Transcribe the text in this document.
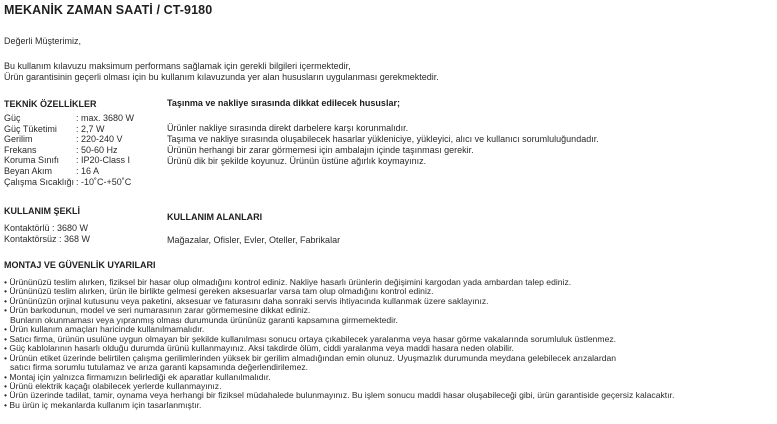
MEKANİK ZAMAN SAATİ / CT-9180
Değerli Müşterimiz,
Bu kullanım kılavuzu maksimum performans sağlamak için gerekli bilgileri içermektedir,
Ürün garantisinin geçerli olması için bu kullanım kılavuzunda yer alan hususların uygulanması gerekmektedir.
TEKNİK ÖZELLİKLER
Güç	: max. 3680 W
Güç Tüketimi	: 2,7 W
Gerilim	: 220-240 V
Frekans	: 50-60 Hz
Koruma Sınıfı	: IP20-Class I
Beyan Akım	: 16 A
Çalışma Sıcaklığı : -10˚C-+50˚C
KULLANIM ŞEKLİ
Kontaktörlü : 3680 W
Kontaktörsüz : 368 W
Taşınma ve nakliye sırasında dikkat edilecek hususlar;
Ürünler nakliye sırasında direkt darbelere karşı korunmalıdır.
Taşıma ve nakliye sırasında oluşabilecek hasarlar yükleniciye, yükleyici, alıcı ve kullanıcı sorumluluğundadır.
Ürünün herhangi bir zarar görmemesi için ambalajın içinde taşınması gerekir.
Ürünü dik bir şekilde koyunuz. Ürünün üstüne ağırlık koymayınız.
KULLANIM ALANLARI
Mağazalar, Ofisler, Evler, Oteller, Fabrikalar
MONTAJ VE GÜVENLİK UYARILARI
• Ürününüzü teslim alırken, fiziksel bir hasar olup olmadığını kontrol ediniz. Nakliye hasarlı ürünlerin değişimini kargodan yada ambardan talep ediniz.
• Ürününüzü teslim alırken, ürün ile birlikte gelmesi gereken aksesuarlar varsa tam olup olmadığını kontrol ediniz.
• Ürününüzün orjinal kutusunu veya paketini, aksesuar ve faturasını daha sonraki servis ihtiyacında kullanmak üzere saklayınız.
• Ürün barkodunun, model ve seri numarasının zarar görmemesine dikkat ediniz.
Bunların okunmaması veya yıpranmış olması durumunda ürününüz garanti kapsamına girmemektedir.
• Ürün kullanım amaçları haricinde kullanılmamalıdır.
• Satıcı firma, ürünün usulüne uygun olmayan bir şekilde kullanılması sonucu ortaya çıkabilecek yaralanma veya hasar görme vakalarında sorumluluk üstlenmez.
• Güç kablolarının hasarlı olduğu durumda ürünü kullanmayınız. Aksi takdirde ölüm, ciddi yaralanma veya maddi hasara neden olabilir.
• Ürünün etiket üzerinde belirtilen çalışma gerilimlerinden yüksek bir gerilim almadığından emin olunuz. Uyuşmazlık durumunda meydana gelebilecek arızalardan
satıcı firma sorumlu tutulamaz ve arıza garanti kapsamında değerlendirilemez.
• Montaj için yalnızca firmamızın belirlediği ek aparatlar kullanılmalıdır.
• Ürünü elektrik kaçağı olabilecek yerlerde kullanmayınız.
• Ürün üzerinde tadilat, tamir, oynama veya herhangi bir fiziksel müdahalede bulunmayınız. Bu işlem sonucu maddi hasar oluşabileceği gibi, ürün garantiside geçersiz kalacaktır.
• Bu ürün iç mekanlarda kullanım için tasarlanmıştır.
